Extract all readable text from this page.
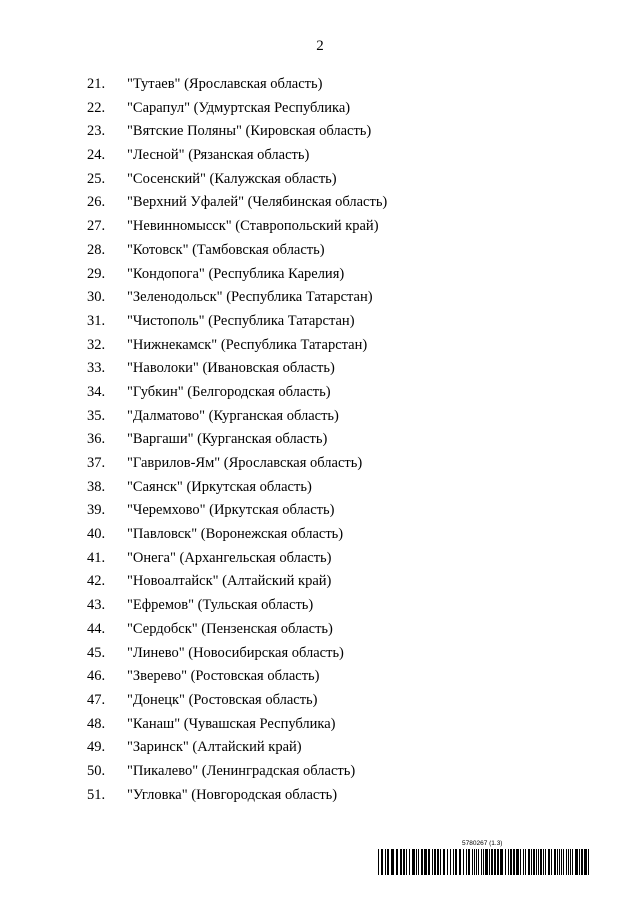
2
21. "Тутаев" (Ярославская область)
22. "Сарапул" (Удмуртская Республика)
23. "Вятские Поляны" (Кировская область)
24. "Лесной" (Рязанская область)
25. "Сосенский" (Калужская область)
26. "Верхний Уфалей" (Челябинская область)
27. "Невинномысск" (Ставропольский край)
28. "Котовск" (Тамбовская область)
29. "Кондопога" (Республика Карелия)
30. "Зеленодольск" (Республика Татарстан)
31. "Чистополь" (Республика Татарстан)
32. "Нижнекамск" (Республика Татарстан)
33. "Наволоки" (Ивановская область)
34. "Губкин" (Белгородская область)
35. "Далматово" (Курганская область)
36. "Варгаши" (Курганская область)
37. "Гаврилов-Ям" (Ярославская область)
38. "Саянск" (Иркутская область)
39. "Черемхово" (Иркутская область)
40. "Павловск" (Воронежская область)
41. "Онега" (Архангельская область)
42. "Новоалтайск" (Алтайский край)
43. "Ефремов" (Тульская область)
44. "Сердобск" (Пензенская область)
45. "Линево" (Новосибирская область)
46. "Зверево" (Ростовская область)
47. "Донецк" (Ростовская область)
48. "Канаш" (Чувашская Республика)
49. "Заринск" (Алтайский край)
50. "Пикалево" (Ленинградская область)
51. "Угловка" (Новгородская область)
5780267 (1.3)
